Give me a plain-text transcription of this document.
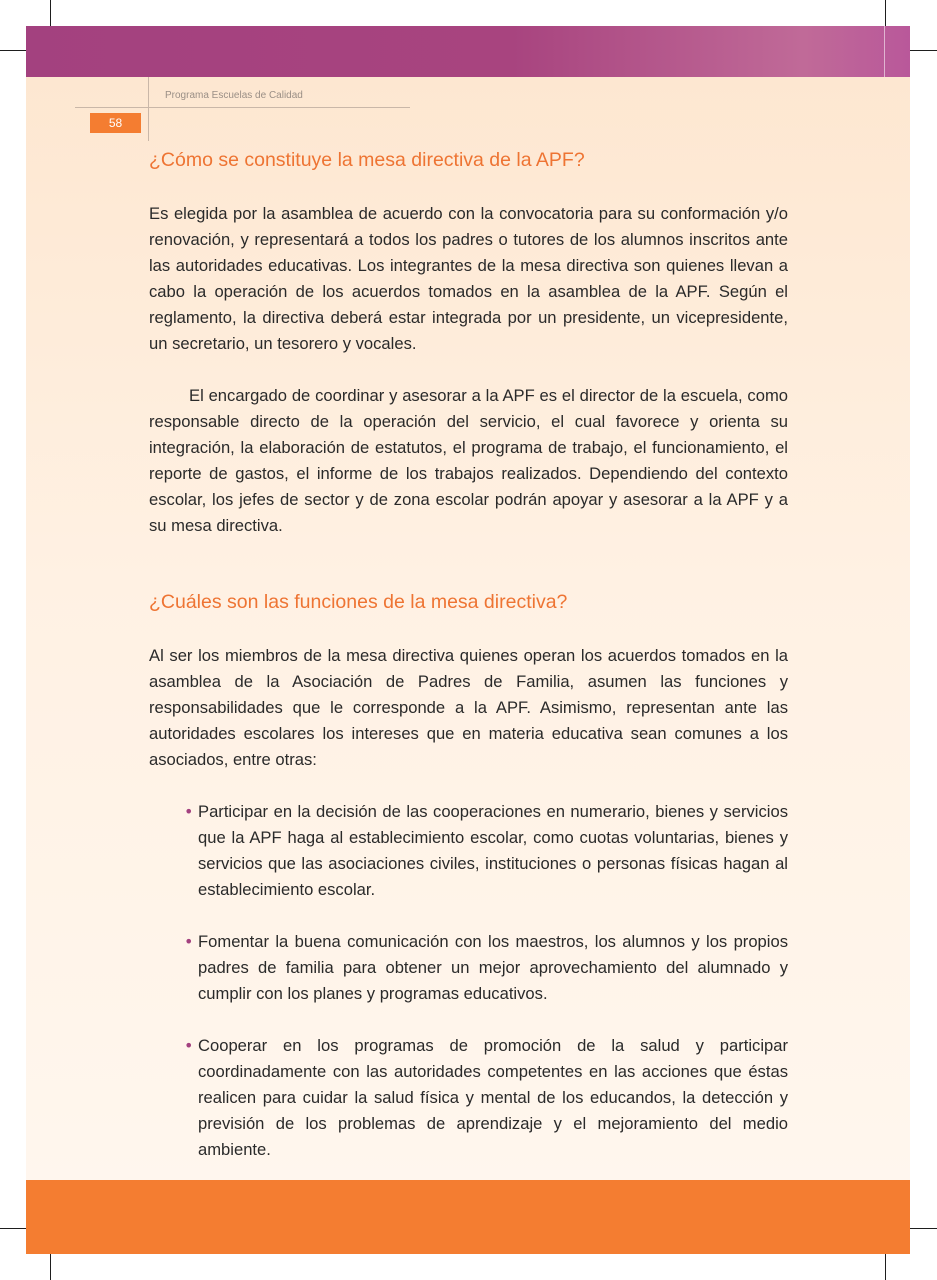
Programa Escuelas de Calidad
58
¿Cómo se constituye la mesa directiva de la APF?

Es elegida por la asamblea de acuerdo con la convocatoria para su conformación y/o renovación, y representará a todos los padres o tutores de los alumnos inscritos ante las autoridades educativas. Los integrantes de la mesa directiva son quienes llevan a cabo la operación de los acuerdos tomados en la asamblea de la APF. Según el reglamento, la directiva deberá estar integrada por un presidente, un vicepresidente, un secretario, un tesorero y vocales.

El encargado de coordinar y asesorar a la APF es el director de la escuela, como responsable directo de la operación del servicio, el cual favorece y orienta su integración, la elaboración de estatutos, el programa de trabajo, el funcionamiento, el reporte de gastos, el informe de los trabajos realizados. Dependiendo del contexto escolar, los jefes de sector y de zona escolar podrán apoyar y asesorar a la APF y a su mesa directiva.

¿Cuáles son las funciones de la mesa directiva?

Al ser los miembros de la mesa directiva quienes operan los acuerdos tomados en la asamblea de la Asociación de Padres de Familia, asumen las funciones y responsabilidades que le corresponde a la APF. Asimismo, representan ante las autoridades escolares los intereses que en materia educativa sean comunes a los asociados, entre otras:

• Participar en la decisión de las cooperaciones en numerario, bienes y servicios que la APF haga al establecimiento escolar, como cuotas voluntarias, bienes y servicios que las asociaciones civiles, instituciones o personas físicas hagan al establecimiento escolar.

• Fomentar la buena comunicación con los maestros, los alumnos y los propios padres de familia para obtener un mejor aprovechamiento del alumnado y cumplir con los planes y programas educativos.

• Cooperar en los programas de promoción de la salud y participar coordinadamente con las autoridades competentes en las acciones que éstas realicen para cuidar la salud física y mental de los educandos, la detección y previsión de los problemas de aprendizaje y el mejoramiento del medio ambiente.
